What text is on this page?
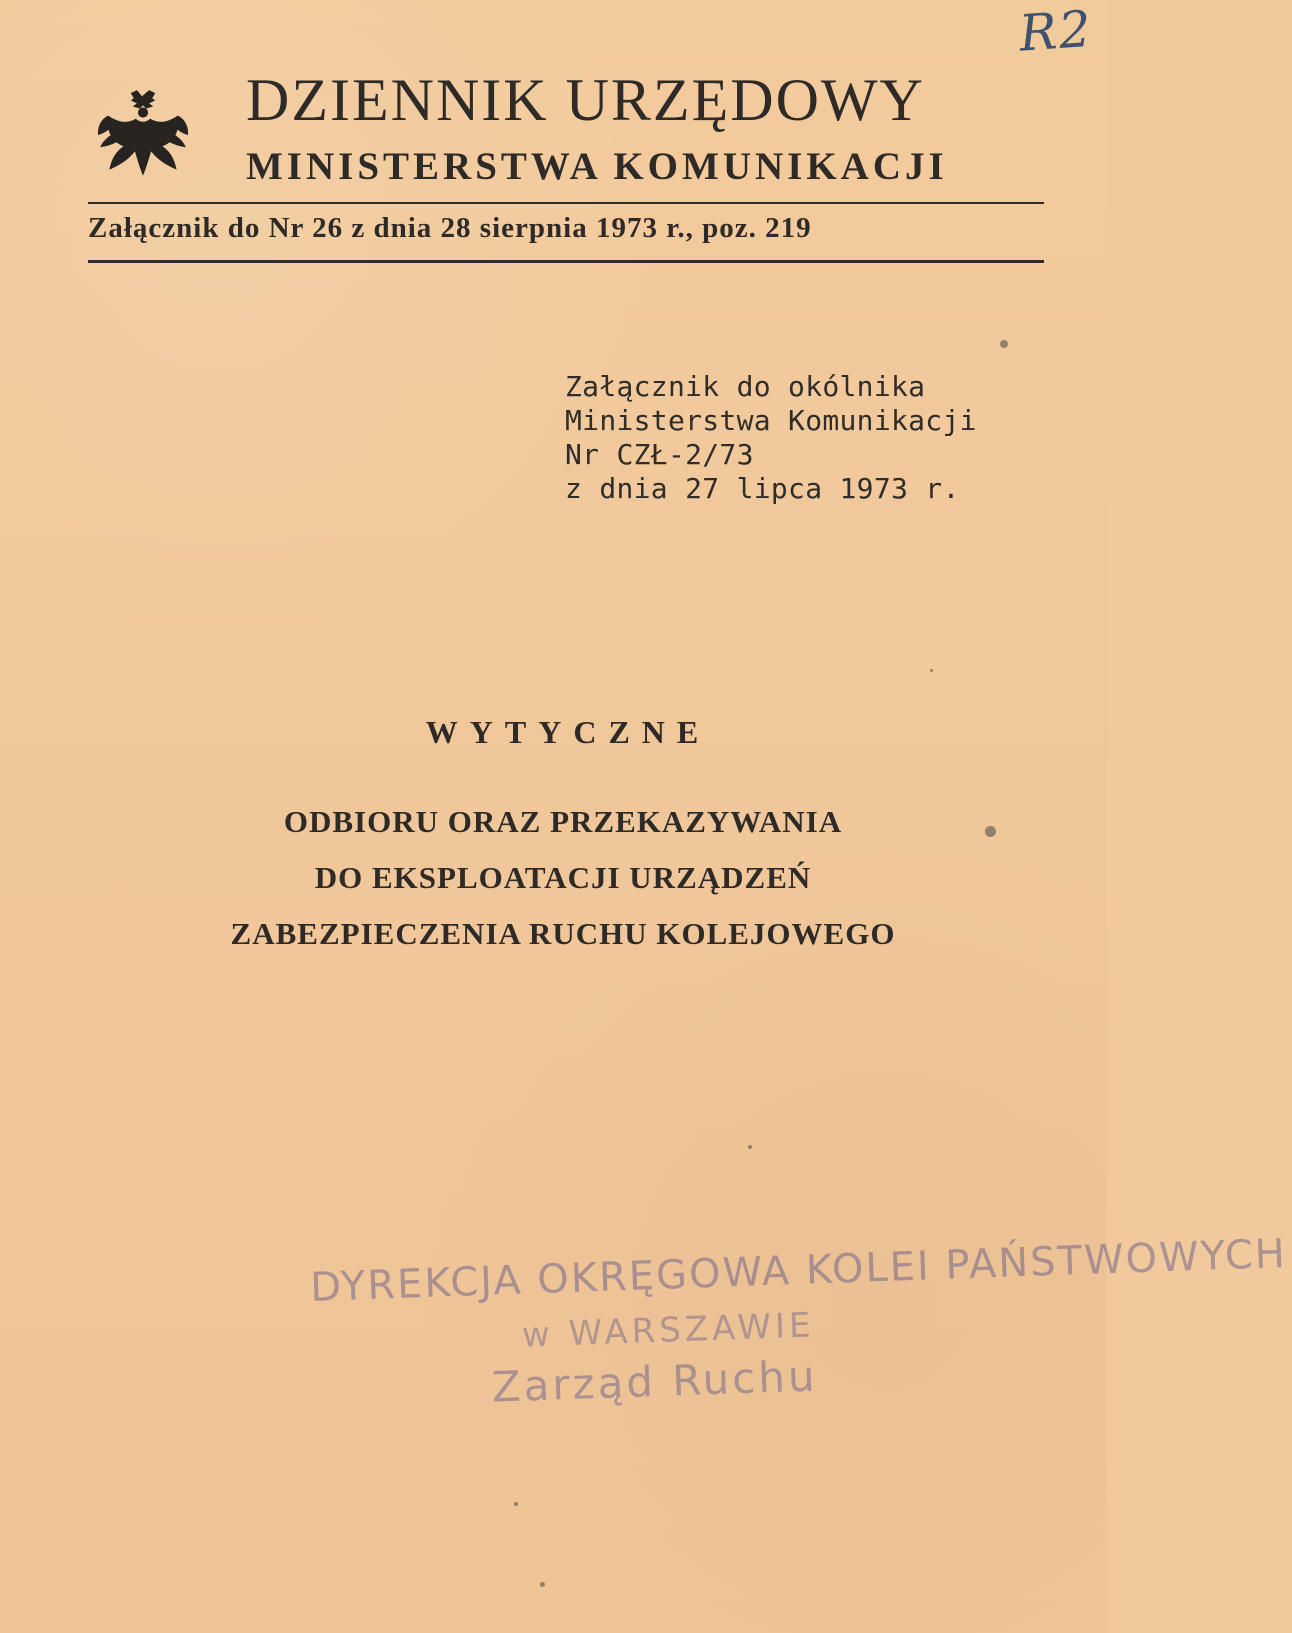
R2
DZIENNIK URZĘDOWY
MINISTERSTWA KOMUNIKACJI
Załącznik do Nr 26 z dnia 28 sierpnia 1973 r., poz. 219
Załącznik do okólnika
Ministerstwa Komunikacji
Nr CZŁ-2/73
z dnia 27 lipca 1973 r.
WYTYCZNE
ODBIORU ORAZ PRZEKAZYWANIA
DO EKSPLOATACJI URZĄDZEŃ
ZABEZPIECZENIA RUCHU KOLEJOWEGO
DYREKCJA OKRĘGOWA KOLEI PAŃSTWOWYCH
w WARSZAWIE
Zarząd Ruchu
